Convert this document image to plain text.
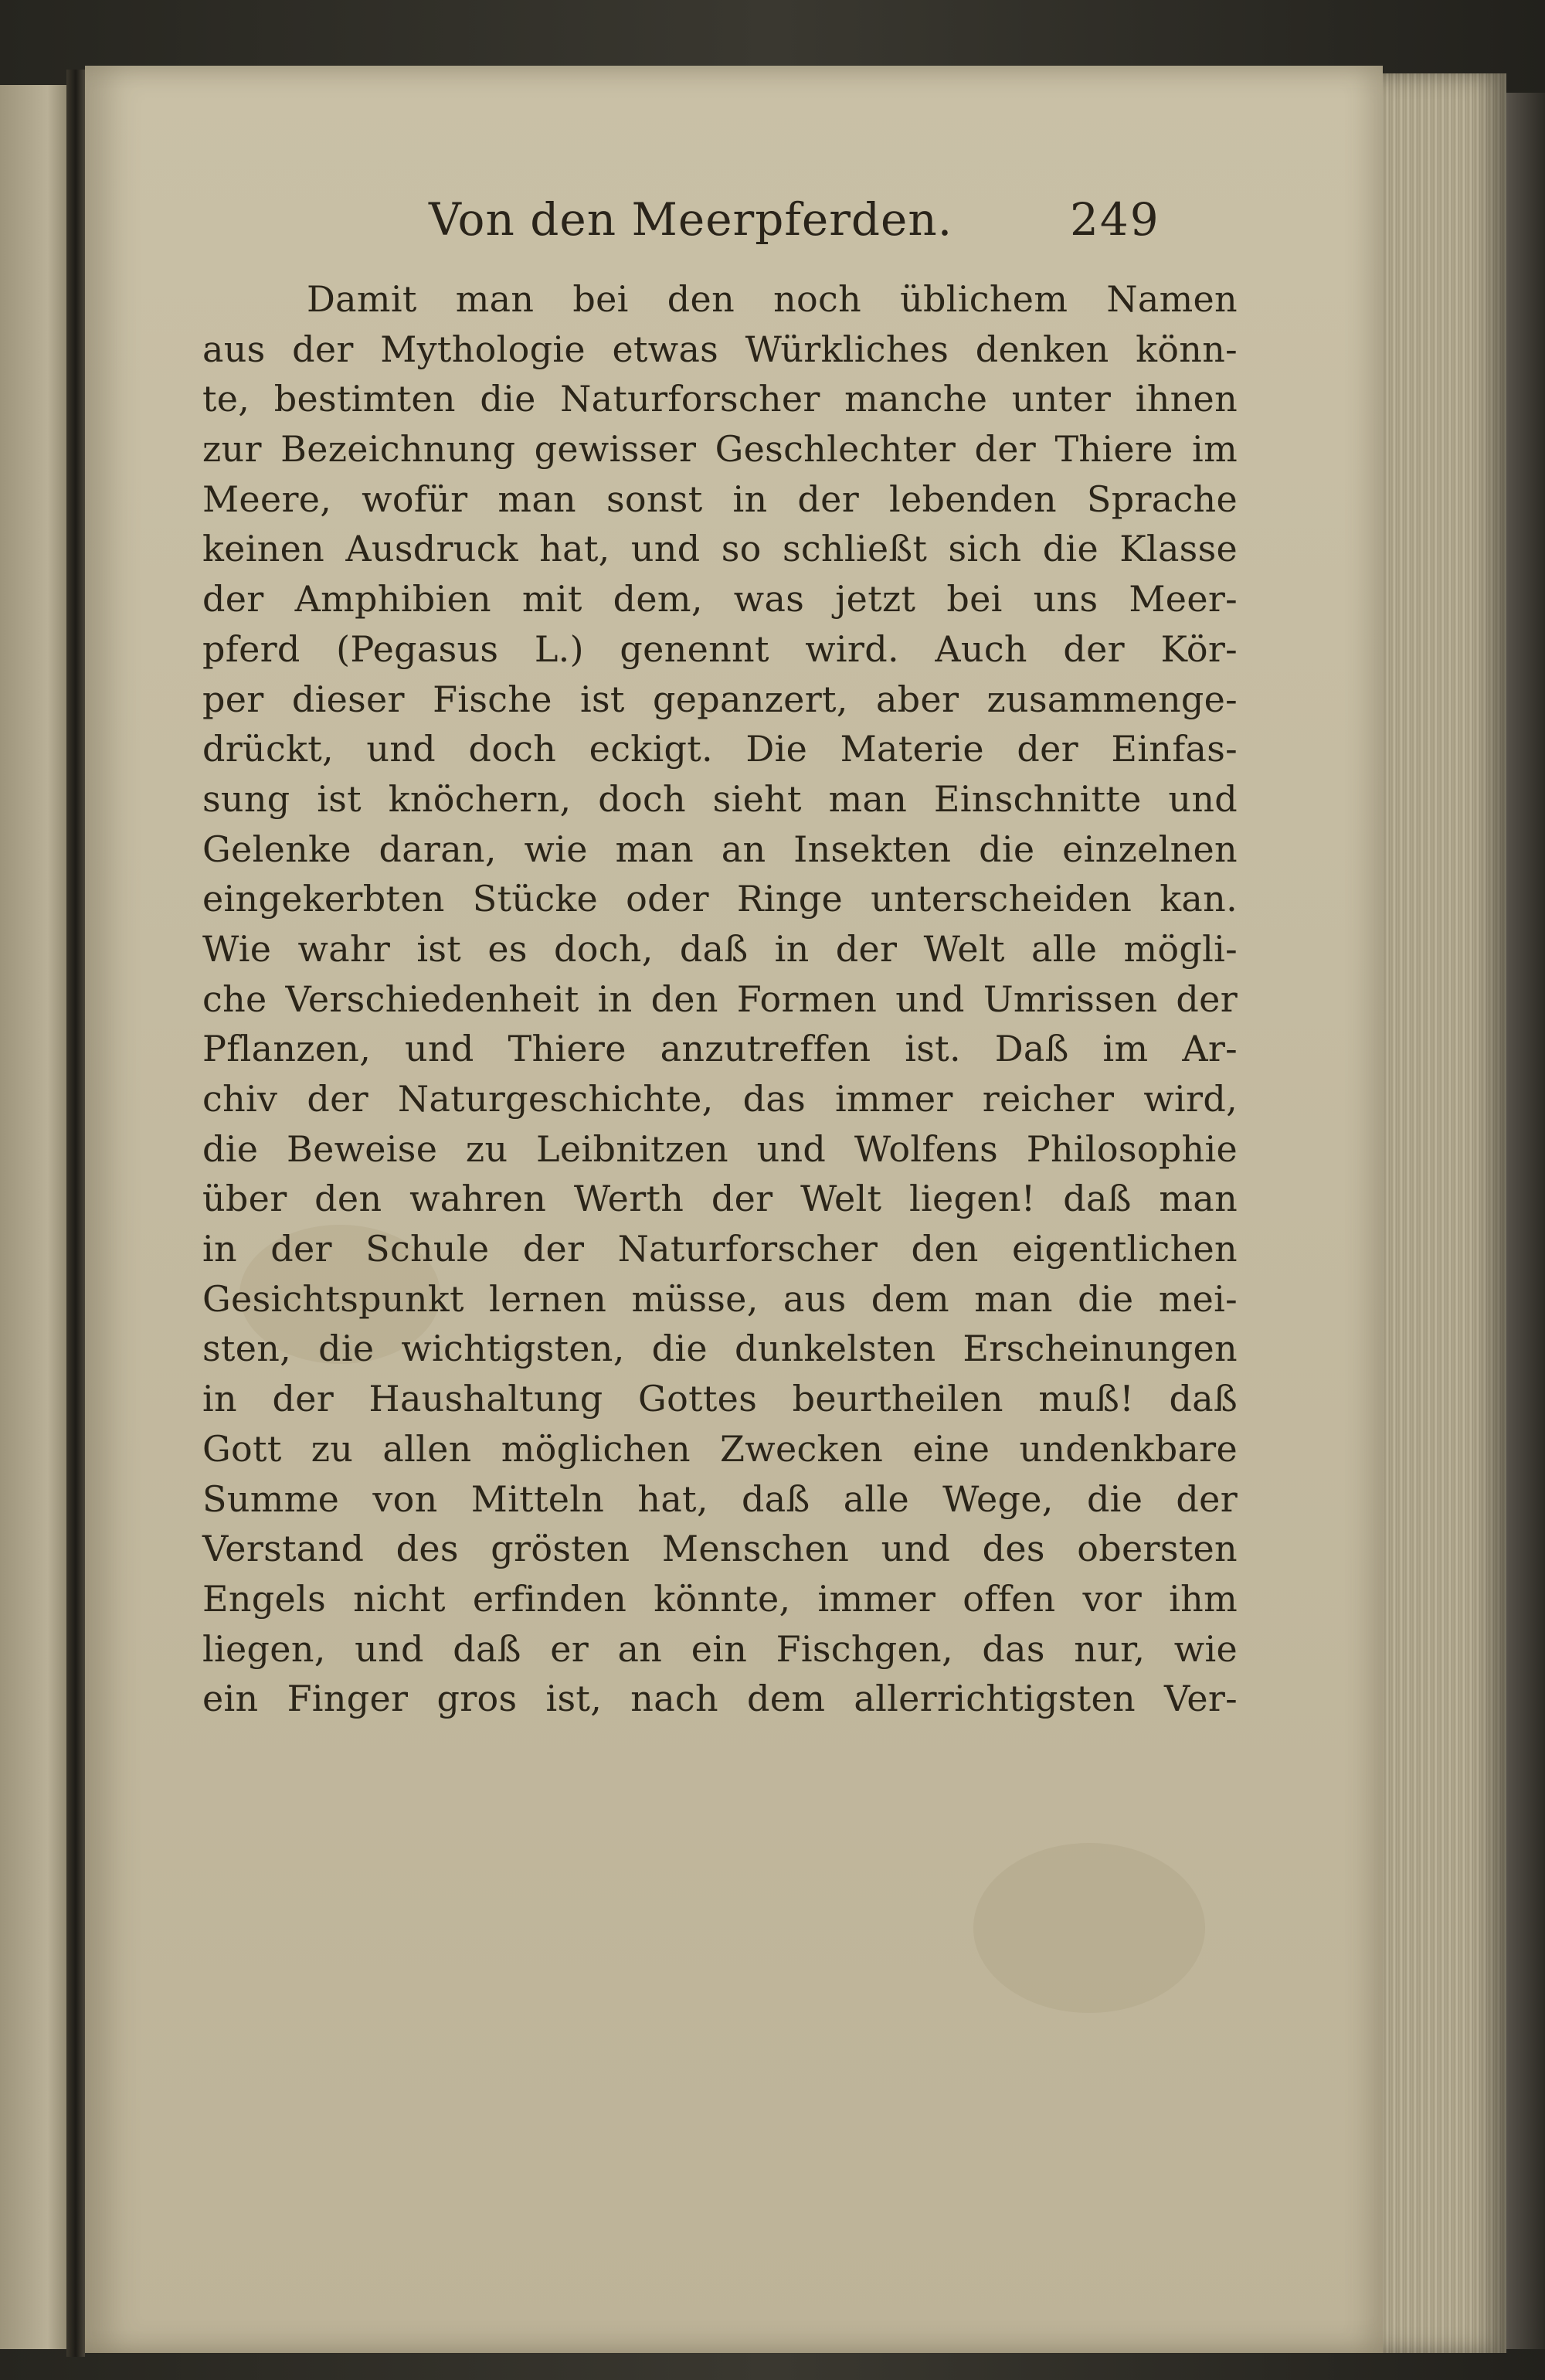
Von den Meerpferden.	249
Damit man bei den noch üblichem Namen
aus der Mythologie etwas Würkliches denken könn-
te, bestimten die Naturforscher manche unter ihnen
zur Bezeichnung gewisser Geschlechter der Thiere im
Meere, wofür man sonst in der lebenden Sprache
keinen Ausdruck hat, und so schließt sich die Klasse
der Amphibien mit dem, was jetzt bei uns Meer-
pferd (Pegasus L.) genennt wird. Auch der Kör-
per dieser Fische ist gepanzert, aber zusammenge-
drückt, und doch eckigt. Die Materie der Einfas-
sung ist knöchern, doch sieht man Einschnitte und
Gelenke daran, wie man an Insekten die einzelnen
eingekerbten Stücke oder Ringe unterscheiden kan.
Wie wahr ist es doch, daß in der Welt alle mögli-
che Verschiedenheit in den Formen und Umrissen der
Pflanzen, und Thiere anzutreffen ist. Daß im Ar-
chiv der Naturgeschichte, das immer reicher wird,
die Beweise zu Leibnitzen und Wolfens Philosophie
über den wahren Werth der Welt liegen! daß man
in der Schule der Naturforscher den eigentlichen
Gesichtspunkt lernen müsse, aus dem man die mei-
sten, die wichtigsten, die dunkelsten Erscheinungen
in der Haushaltung Gottes beurtheilen muß! daß
Gott zu allen möglichen Zwecken eine undenkbare
Summe von Mitteln hat, daß alle Wege, die der
Verstand des grösten Menschen und des obersten
Engels nicht erfinden könnte, immer offen vor ihm
liegen, und daß er an ein Fischgen, das nur, wie
ein Finger gros ist, nach dem allerrichtigsten Ver-
